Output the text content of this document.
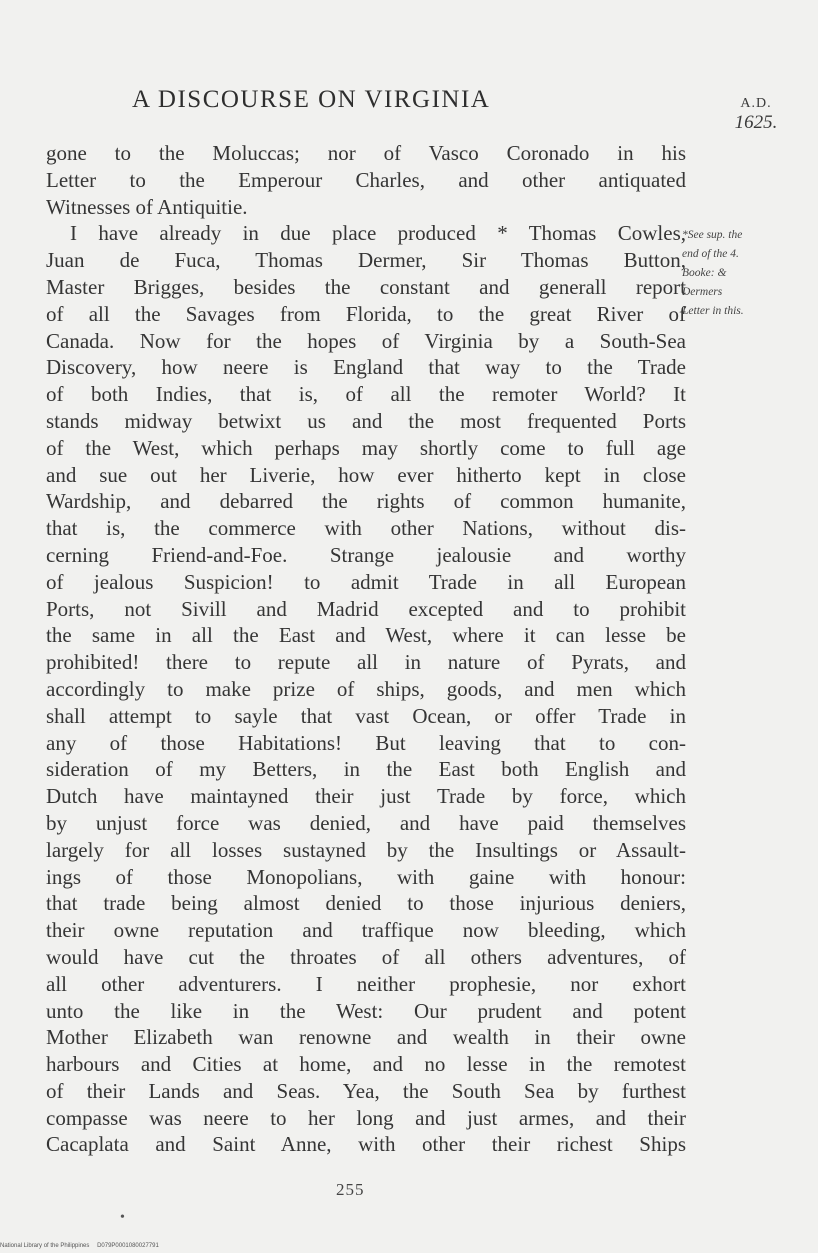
A DISCOURSE ON VIRGINIA	A.D.
1625.
gone to the Moluccas; nor of Vasco Coronado in his
Letter to the Emperour Charles, and other antiquated
Witnesses of Antiquitie.
I have already in due place produced * Thomas Cowles,
Juan de Fuca, Thomas Dermer, Sir Thomas Button,
Master Brigges, besides the constant and generall report
of all the Savages from Florida, to the great River of
Canada. Now for the hopes of Virginia by a South-Sea
Discovery, how neere is England that way to the Trade
of both Indies, that is, of all the remoter World? It
stands midway betwixt us and the most frequented Ports
of the West, which perhaps may shortly come to full age
and sue out her Liverie, how ever hitherto kept in close
Wardship, and debarred the rights of common humanite,
that is, the commerce with other Nations, without dis-
cerning Friend-and-Foe. Strange jealousie and worthy
of jealous Suspicion! to admit Trade in all European
Ports, not Sivill and Madrid excepted and to prohibit
the same in all the East and West, where it can lesse be
prohibited! there to repute all in nature of Pyrats, and
accordingly to make prize of ships, goods, and men which
shall attempt to sayle that vast Ocean, or offer Trade in
any of those Habitations! But leaving that to con-
sideration of my Betters, in the East both English and
Dutch have maintayned their just Trade by force, which
by unjust force was denied, and have paid themselves
largely for all losses sustayned by the Insultings or Assault-
ings of those Monopolians, with gaine with honour:
that trade being almost denied to those injurious deniers,
their owne reputation and traffique now bleeding, which
would have cut the throates of all others adventures, of
all other adventurers. I neither prophesie, nor exhort
unto the like in the West: Our prudent and potent
Mother Elizabeth wan renowne and wealth in their owne
harbours and Cities at home, and no lesse in the remotest
of their Lands and Seas. Yea, the South Sea by furthest
compasse was neere to her long and just armes, and their
Cacaplata and Saint Anne, with other their richest Ships
*See sup. the
end of the 4.
Booke: &
Dermers
Letter in this.
255
•
National Library of the Philippines D079P0001080027791
